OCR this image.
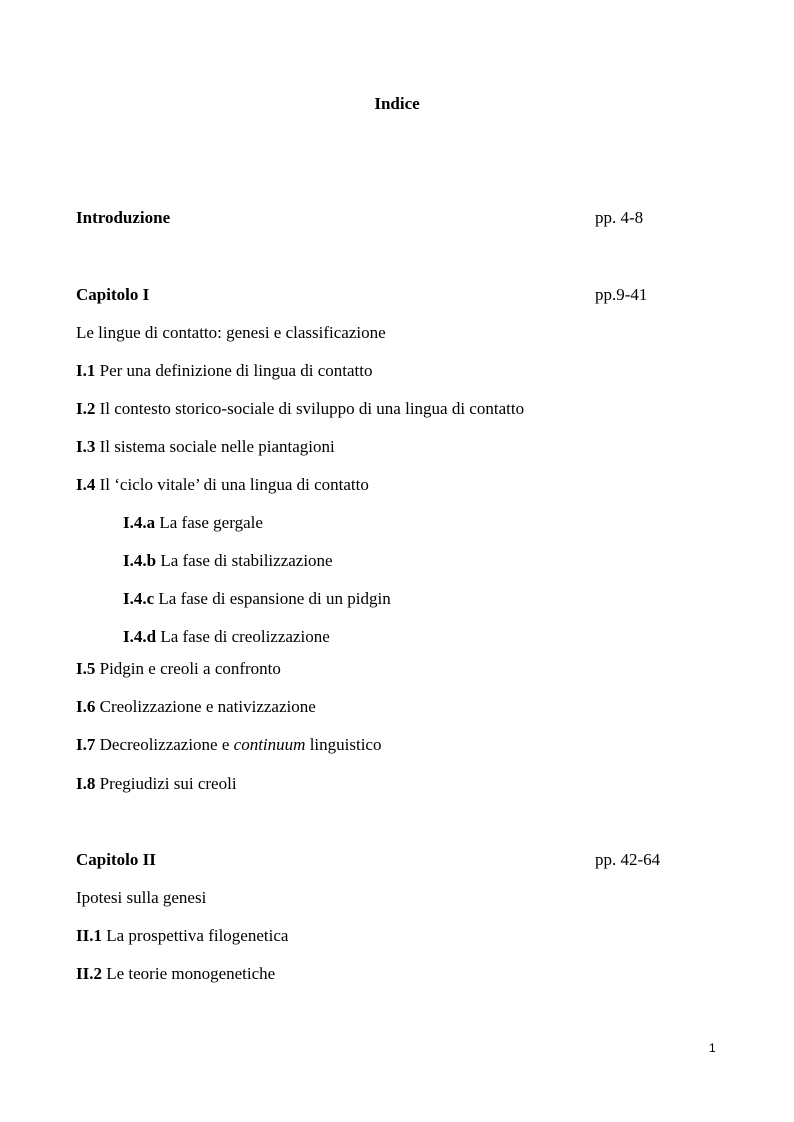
Indice
Introduzione	pp. 4-8
Capitolo I	pp.9-41
Le lingue di contatto: genesi e classificazione
I.1 Per una definizione di lingua di contatto
I.2 Il contesto storico-sociale di sviluppo di una lingua di contatto
I.3 Il sistema sociale nelle piantagioni
I.4 Il ‘ciclo vitale’ di una lingua di contatto
I.4.a La fase gergale
I.4.b La fase di stabilizzazione
I.4.c La fase di espansione di un pidgin
I.4.d La fase di creolizzazione
I.5 Pidgin e creoli a confronto
I.6 Creolizzazione e nativizzazione
I.7 Decreolizzazione e continuum linguistico
I.8 Pregiudizi sui creoli
Capitolo II	pp. 42-64
Ipotesi sulla genesi
II.1 La prospettiva filogenetica
II.2 Le teorie monogenetiche
1
